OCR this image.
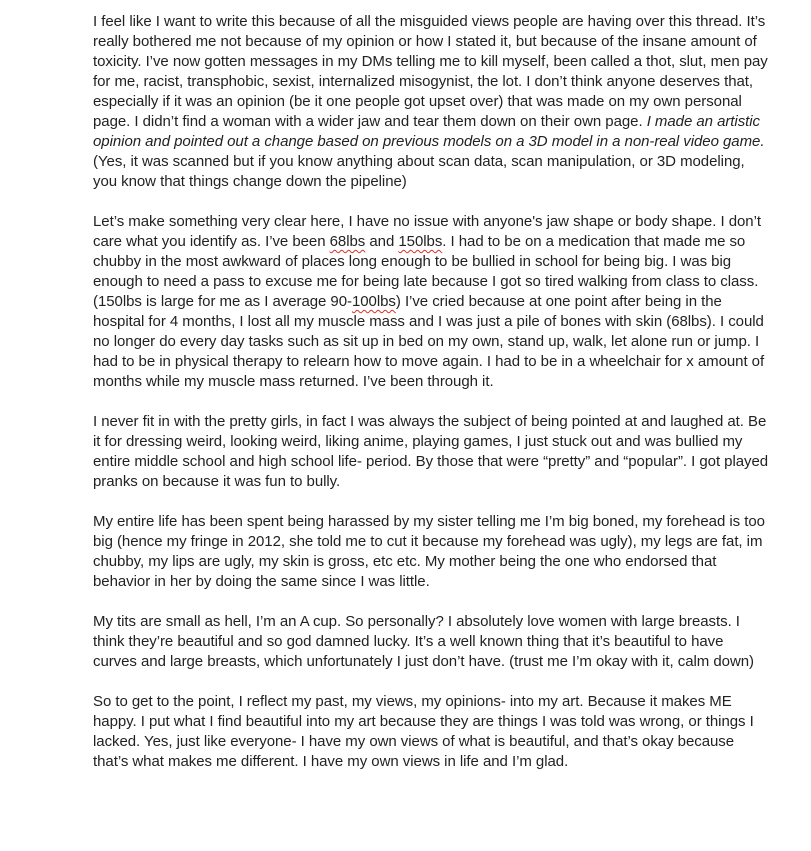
I feel like I want to write this because of all the misguided views people are having over this thread. It’s really bothered me not because of my opinion or how I stated it, but because of the insane amount of toxicity. I’ve now gotten messages in my DMs telling me to kill myself, been called a thot, slut, men pay for me, racist, transphobic, sexist, internalized misogynist, the lot. I don’t think anyone deserves that, especially if it was an opinion (be it one people got upset over) that was made on my own personal page. I didn’t find a woman with a wider jaw and tear them down on their own page. I made an artistic opinion and pointed out a change based on previous models on a 3D model in a non-real video game. (Yes, it was scanned but if you know anything about scan data, scan manipulation, or 3D modeling, you know that things change down the pipeline)

Let’s make something very clear here, I have no issue with anyone's jaw shape or body shape. I don’t care what you identify as. I’ve been 68lbs and 150lbs. I had to be on a medication that made me so chubby in the most awkward of places long enough to be bullied in school for being big. I was big enough to need a pass to excuse me for being late because I got so tired walking from class to class. (150lbs is large for me as I average 90-100lbs) I’ve cried because at one point after being in the hospital for 4 months, I lost all my muscle mass and I was just a pile of bones with skin (68lbs). I could no longer do every day tasks such as sit up in bed on my own, stand up, walk, let alone run or jump. I had to be in physical therapy to relearn how to move again. I had to be in a wheelchair for x amount of months while my muscle mass returned. I’ve been through it.

I never fit in with the pretty girls, in fact I was always the subject of being pointed at and laughed at. Be it for dressing weird, looking weird, liking anime, playing games, I just stuck out and was bullied my entire middle school and high school life- period. By those that were “pretty” and “popular”. I got played pranks on because it was fun to bully.

My entire life has been spent being harassed by my sister telling me I’m big boned, my forehead is too big (hence my fringe in 2012, she told me to cut it because my forehead was ugly), my legs are fat, im chubby, my lips are ugly, my skin is gross, etc etc. My mother being the one who endorsed that behavior in her by doing the same since I was little.

My tits are small as hell, I’m an A cup. So personally? I absolutely love women with large breasts. I think they’re beautiful and so god damned lucky. It’s a well known thing that it’s beautiful to have curves and large breasts, which unfortunately I just don’t have. (trust me I’m okay with it, calm down)

So to get to the point, I reflect my past, my views, my opinions- into my art. Because it makes ME happy. I put what I find beautiful into my art because they are things I was told was wrong, or things I lacked. Yes, just like everyone- I have my own views of what is beautiful, and that’s okay because that’s what makes me different. I have my own views in life and I’m glad.
